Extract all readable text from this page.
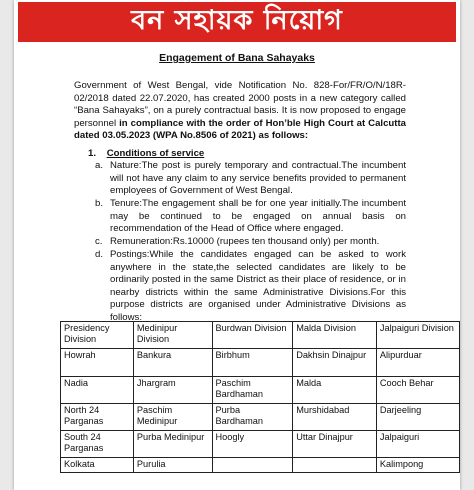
বন সহায়ক নিয়োগ
Engagement of Bana Sahayaks
Government of West Bengal, vide Notification No. 828-For/FR/O/N/18R-02/2018 dated 22.07.2020, has created 2000 posts in a new category called “Bana Sahayaks”, on a purely contractual basis. It is now proposed to engage personnel in compliance with the order of Hon’ble High Court at Calcutta dated 03.05.2023 (WPA No.8506 of 2021) as follows:
1. Conditions of service
a. Nature:The post is purely temporary and contractual.The incumbent will not have any claim to any service benefits provided to permanent employees of Government of West Bengal.
b. Tenure:The engagement shall be for one year initially.The incumbent may be continued to be engaged on annual basis on recommendation of the Head of Office where engaged.
c. Remuneration:Rs.10000 (rupees ten thousand only) per month.
d. Postings:While the candidates engaged can be asked to work anywhere in the state,the selected candidates are likely to be ordinarily posted in the same District as their place of residence, or in nearby districts within the same Administrative Divisions.For this purpose districts are organised under Administrative Divisions as follows:
Presidency Division	Medinipur Division	Burdwan Division	Malda Division	Jalpaiguri Division
Howrah	Bankura	Birbhum	Dakhsin Dinajpur	Alipurduar
Nadia	Jhargram	Paschim Bardhaman	Malda	Cooch Behar
North 24 Parganas	Paschim Medinipur	Purba Bardhaman	Murshidabad	Darjeeling
South 24 Parganas	Purba Medinipur	Hoogly	Uttar Dinajpur	Jalpaiguri
Kolkata	Purulia			Kalimpong
